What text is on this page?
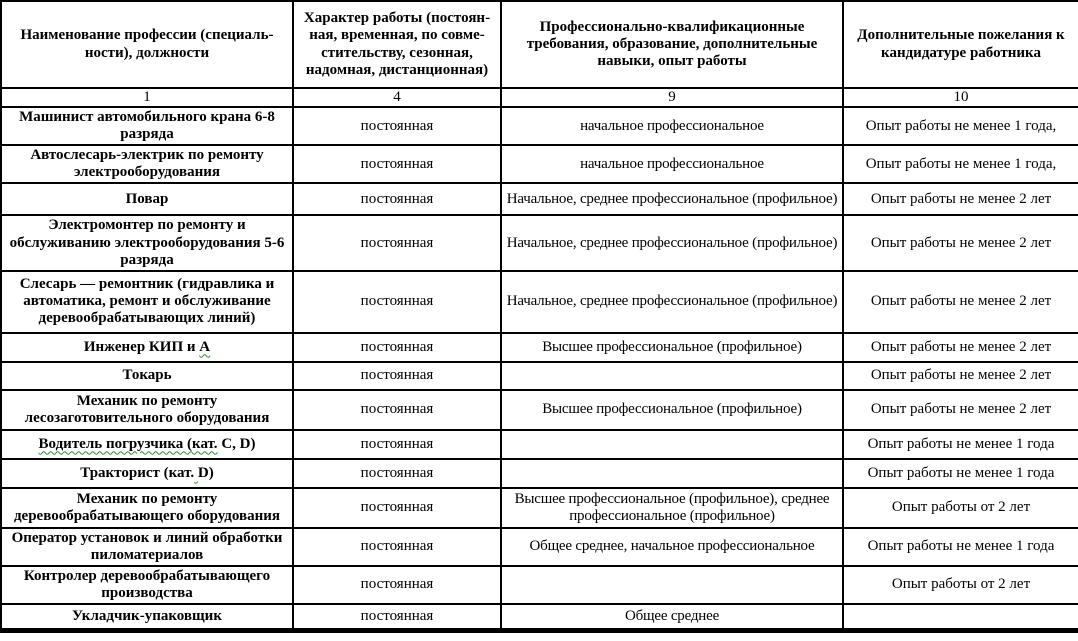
Наименование профессии (специаль-ности), должности	Характер работы (постоян-ная, временная, по совме-стительству, сезонная, надомная, дистанционная)	Профессионально-квалификационные требования, образование, дополнительные навыки, опыт работы	Дополнительные пожелания к кандидатуре работника
1	4	9	10
Машинист автомобильного крана 6-8 разряда	постоянная	начальное профессиональное	Опыт работы не менее 1 года,
Автослесарь-электрик по ремонту электрооборудования	постоянная	начальное профессиональное	Опыт работы не менее 1 года,
Повар	постоянная	Начальное, среднее профессиональное (профильное)	Опыт работы не менее 2 лет
Электромонтер по ремонту и обслуживанию электрооборудования 5-6 разряда	постоянная	Начальное, среднее профессиональное (профильное)	Опыт работы не менее 2 лет
Слесарь — ремонтник (гидравлика и автоматика, ремонт и обслуживание деревообрабатывающих линий)	постоянная	Начальное, среднее профессиональное (профильное)	Опыт работы не менее 2 лет
Инженер КИП и А	постоянная	Высшее профессиональное (профильное)	Опыт работы не менее 2 лет
Токарь	постоянная		Опыт работы не менее 2 лет
Механик по ремонту лесозаготовительного оборудования	постоянная	Высшее профессиональное (профильное)	Опыт работы не менее 2 лет
Водитель погрузчика (кат. C, D)	постоянная		Опыт работы не менее 1 года
Тракторист (кат. D)	постоянная		Опыт работы не менее 1 года
Механик по ремонту деревообрабатывающего оборудования	постоянная	Высшее профессиональное (профильное), среднее профессиональное (профильное)	Опыт работы от 2 лет
Оператор установок и линий обработки пиломатериалов	постоянная	Общее среднее, начальное профессиональное	Опыт работы не менее 1 года
Контролер деревообрабатывающего производства	постоянная		Опыт работы от 2 лет
Укладчик-упаковщик	постоянная	Общее среднее	
